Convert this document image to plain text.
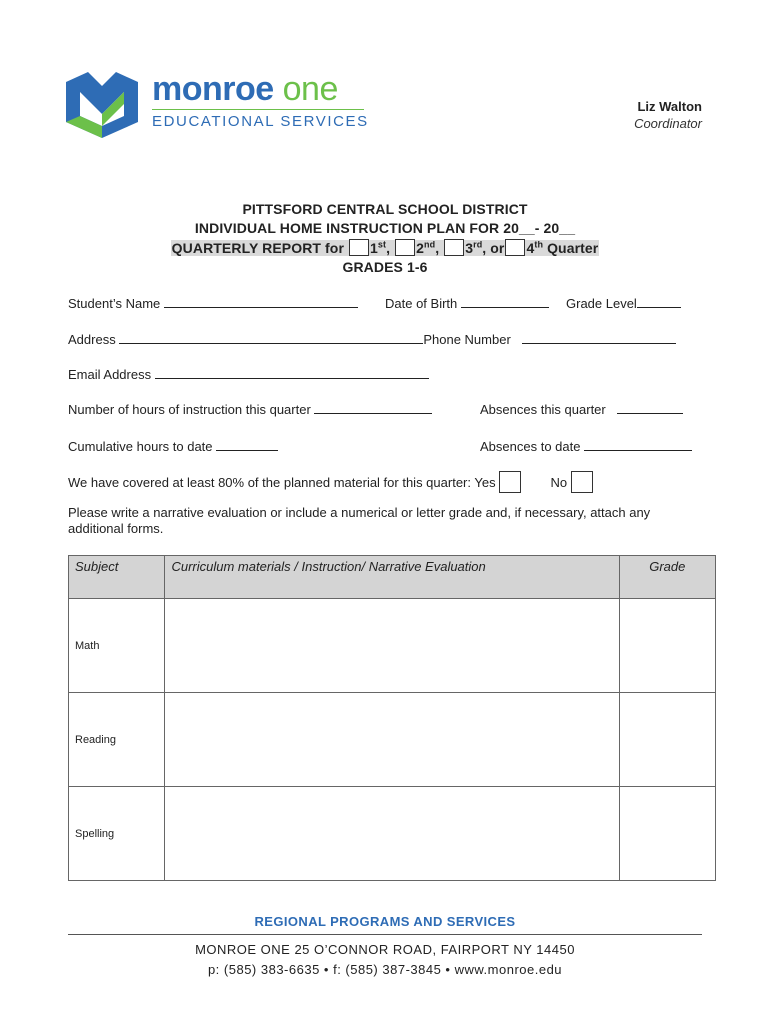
monroe one
EDUCATIONAL SERVICES
Liz Walton
Coordinator
PITTSFORD CENTRAL SCHOOL DISTRICT
INDIVIDUAL HOME INSTRUCTION PLAN FOR 20__- 20__
QUARTERLY REPORT for 1st, 2nd, 3rd, or 4th Quarter
GRADES 1-6
Student’s Name	Date of Birth	Grade Level
Address	Phone Number
Email Address
Number of hours of instruction this quarter	Absences this quarter
Cumulative hours to date	Absences to date
We have covered at least 80% of the planned material for this quarter: Yes	No
Please write a narrative evaluation or include a numerical or letter grade and, if necessary, attach any additional forms.
Subject	Curriculum materials / Instruction/ Narrative Evaluation	Grade
Math		
Reading		
Spelling		
REGIONAL PROGRAMS AND SERVICES
MONROE ONE 25 O’CONNOR ROAD, FAIRPORT NY 14450
p: (585) 383-6635 • f: (585) 387-3845 • www.monroe.edu
